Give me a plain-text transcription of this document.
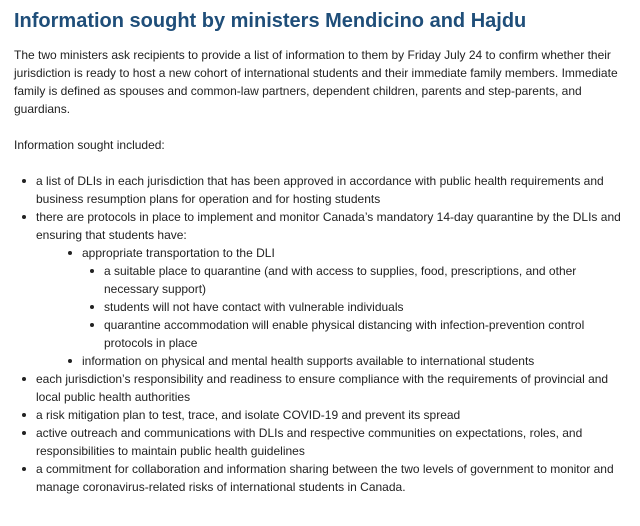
Information sought by ministers Mendicino and Hajdu

The two ministers ask recipients to provide a list of information to them by Friday July 24 to confirm whether their jurisdiction is ready to host a new cohort of international students and their immediate family members. Immediate family is defined as spouses and common-law partners, dependent children, parents and step-parents, and guardians.

Information sought included:

a list of DLIs in each jurisdiction that has been approved in accordance with public health requirements and business resumption plans for operation and for hosting students
there are protocols in place to implement and monitor Canada’s mandatory 14-day quarantine by the DLIs and ensuring that students have:
appropriate transportation to the DLI
a suitable place to quarantine (and with access to supplies, food, prescriptions, and other necessary support)
students will not have contact with vulnerable individuals
quarantine accommodation will enable physical distancing with infection-prevention control protocols in place
information on physical and mental health supports available to international students
each jurisdiction’s responsibility and readiness to ensure compliance with the requirements of provincial and local public health authorities
a risk mitigation plan to test, trace, and isolate COVID-19 and prevent its spread
active outreach and communications with DLIs and respective communities on expectations, roles, and responsibilities to maintain public health guidelines
a commitment for collaboration and information sharing between the two levels of government to monitor and manage coronavirus-related risks of international students in Canada.
